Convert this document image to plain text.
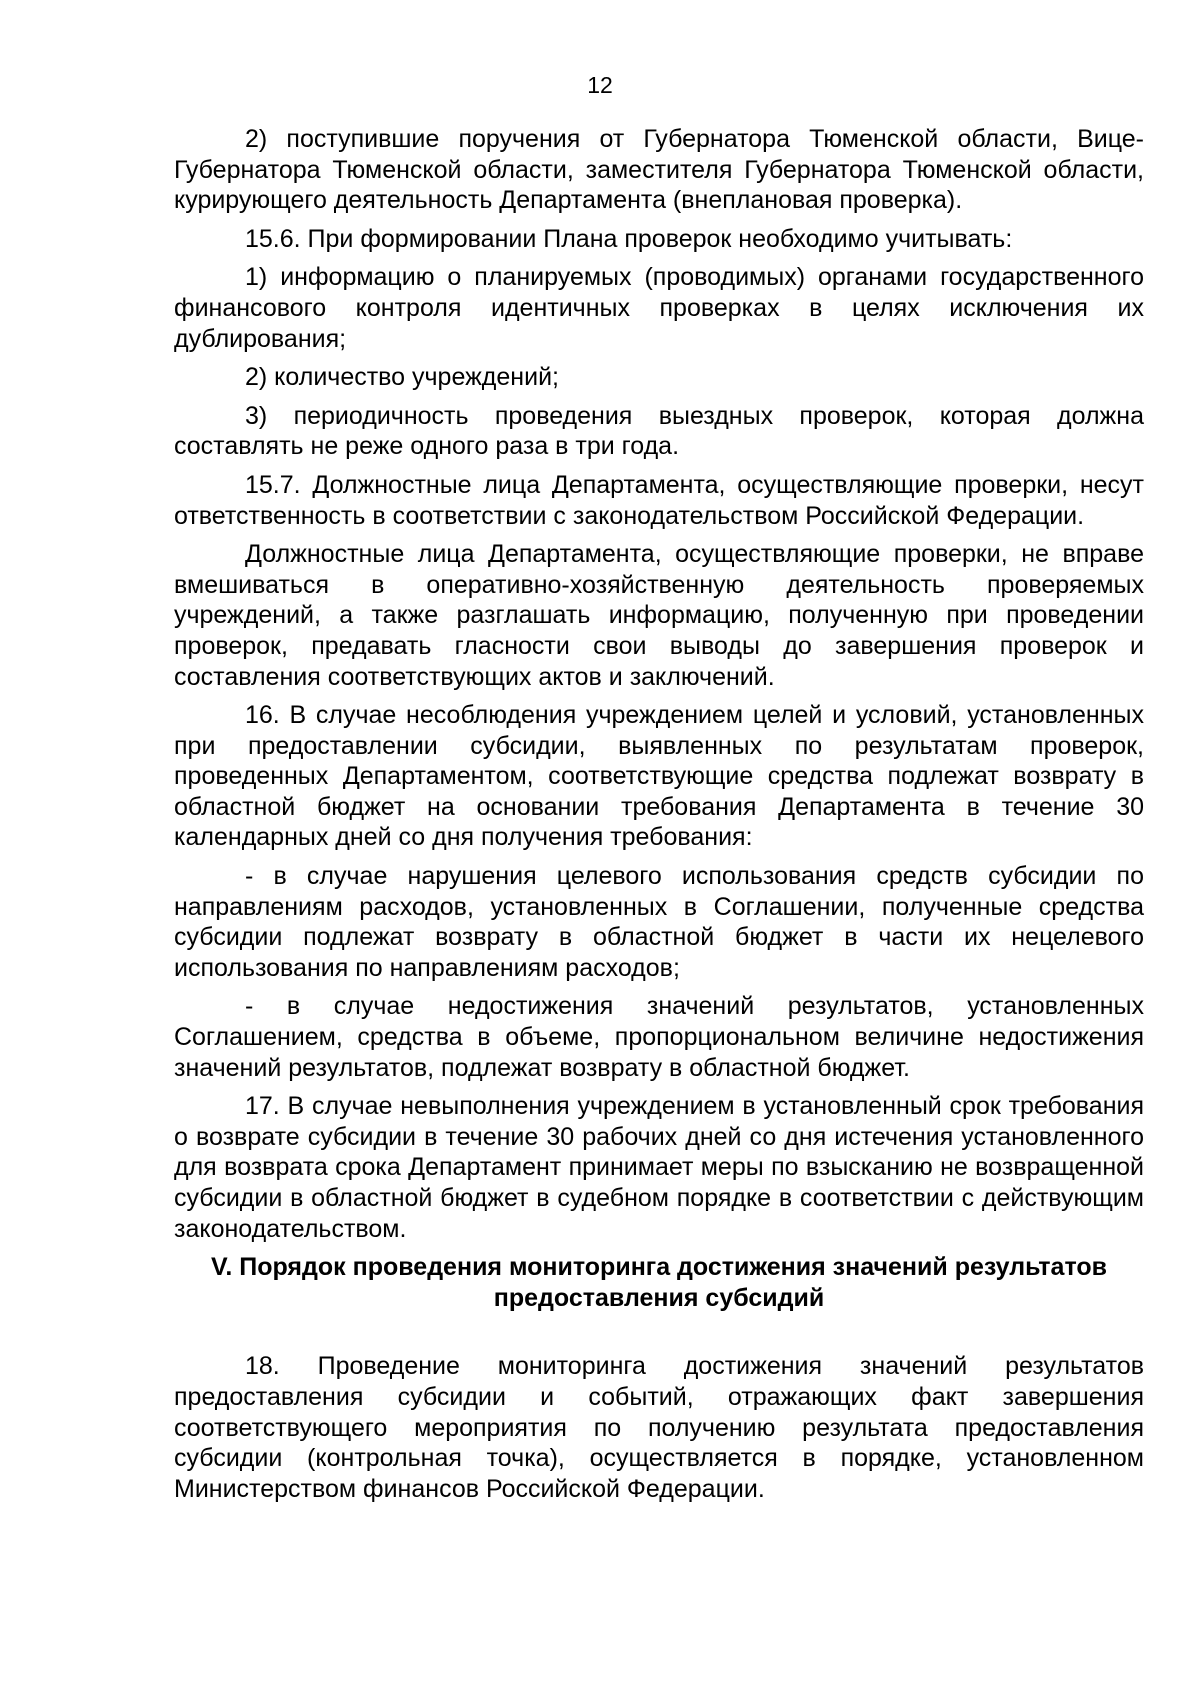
12

2) поступившие поручения от Губернатора Тюменской области, Вице-Губернатора Тюменской области, заместителя Губернатора Тюменской области, курирующего деятельность Департамента (внеплановая проверка).

15.6. При формировании Плана проверок необходимо учитывать:

1) информацию о планируемых (проводимых) органами государственного финансового контроля идентичных проверках в целях исключения их дублирования;

2) количество учреждений;

3) периодичность проведения выездных проверок, которая должна составлять не реже одного раза в три года.

15.7. Должностные лица Департамента, осуществляющие проверки, несут ответственность в соответствии с законодательством Российской Федерации.

Должностные лица Департамента, осуществляющие проверки, не вправе вмешиваться в оперативно-хозяйственную деятельность проверяемых учреждений, а также разглашать информацию, полученную при проведении проверок, предавать гласности свои выводы до завершения проверок и составления соответствующих актов и заключений.

16. В случае несоблюдения учреждением целей и условий, установленных при предоставлении субсидии, выявленных по результатам проверок, проведенных Департаментом, соответствующие средства подлежат возврату в областной бюджет на основании требования Департамента в течение 30 календарных дней со дня получения требования:

- в случае нарушения целевого использования средств субсидии по направлениям расходов, установленных в Соглашении, полученные средства субсидии подлежат возврату в областной бюджет в части их нецелевого использования по направлениям расходов;

- в случае недостижения значений результатов, установленных Соглашением, средства в объеме, пропорциональном величине недостижения значений результатов, подлежат возврату в областной бюджет.

17. В случае невыполнения учреждением в установленный срок требования о возврате субсидии в течение 30 рабочих дней со дня истечения установленного для возврата срока Департамент принимает меры по взысканию не возвращенной субсидии в областной бюджет в судебном порядке в соответствии с действующим законодательством.

V. Порядок проведения мониторинга достижения значений результатов
предоставления субсидий

18. Проведение мониторинга достижения значений результатов предоставления субсидии и событий, отражающих факт завершения соответствующего мероприятия по получению результата предоставления субсидии (контрольная точка), осуществляется в порядке, установленном Министерством финансов Российской Федерации.
